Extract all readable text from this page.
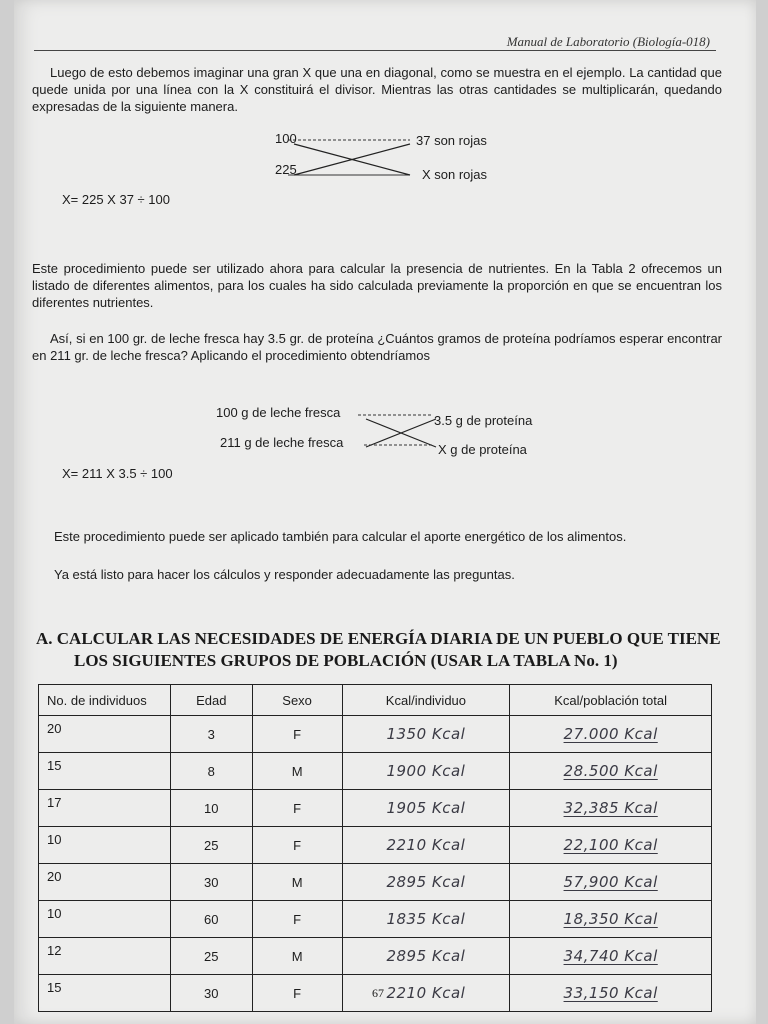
Manual de Laboratorio (Biología-018)
Luego de esto debemos imaginar una gran X que una en diagonal, como se muestra en el ejemplo. La cantidad que quede unida por una línea con la X constituirá el divisor. Mientras las otras cantidades se multiplicarán, quedando expresadas de la siguiente manera.
100	37 son rojas
225	X son rojas
X= 225 X 37 ÷ 100
Este procedimiento puede ser utilizado ahora para calcular la presencia de nutrientes. En la Tabla 2 ofrecemos un listado de diferentes alimentos, para los cuales ha sido calculada previamente la proporción en que se encuentran los diferentes nutrientes.
Así, si en 100 gr. de leche fresca hay 3.5 gr. de proteína ¿Cuántos gramos de proteína podríamos esperar encontrar en 211 gr. de leche fresca? Aplicando el procedimiento obtendríamos
100 g de leche fresca
3.5 g de proteína
211 g de leche fresca	X g de proteína
X= 211 X 3.5 ÷ 100
Este procedimiento puede ser aplicado también para calcular el aporte energético de los alimentos.
Ya está listo para hacer los cálculos y responder adecuadamente las preguntas.
A. CALCULAR LAS NECESIDADES DE ENERGÍA DIARIA DE UN PUEBLO QUE TIENE
LOS SIGUIENTES GRUPOS DE POBLACIÓN (USAR LA TABLA No. 1)
No. de individuos	Edad	Sexo	Kcal/individuo	Kcal/población total
20	3	F	1350 Kcal	27.000 Kcal
15	8	M	1900 Kcal	28.500 Kcal
17	10	F	1905 Kcal	32,385 Kcal
10	25	F	2210 Kcal	22,100 Kcal
20	30	M	2895 Kcal	57,900 Kcal
10	60	F	1835 Kcal	18,350 Kcal
12	25	M	2895 Kcal	34,740 Kcal
15	30	F	2210 Kcal	33,150 Kcal
67
